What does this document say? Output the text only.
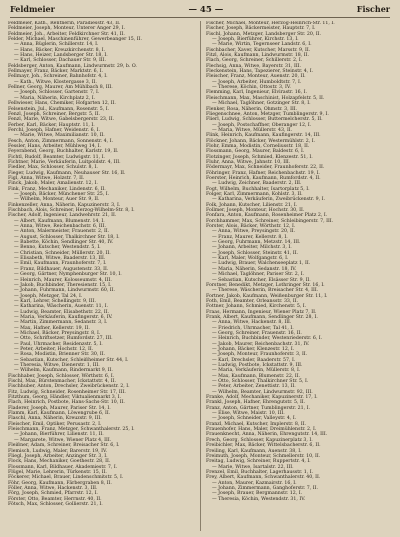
Feldmeier	— 45 —	Fischer
Feldmeier, Kath., Rentnerin, Paradiesstr. 43, II.
Feldmeier, Joseph, Monteur, Unterer Anger 29, I.
Feldmeier, Joh., Arbeiter, Feldkirchner Str. 41, II.
Felder, Michael, Maschinenführer, Gewerbeanger 15, II.
— Anna, Büglerin, Schillerstr. 14, I.
— Hans, Bäcker, Kreuzkirchenstr. 8, I.
— Hans, Heizer, Landsberger Str. 18, I.
— Karl, Schlosser, Dachauer Str. 9, III.
Feldsberger, Anton, Kaufmann, Lindwurmstr. 29, b. O.
Fellmayer, Franz, Bäcker, Marktstr. 6, I.
Fellmayr, Joh., Schreiner, Bahnhofstr. 4, I.
— Kath., Witwe, Klostergasse 3, II.
Fellner, Georg, Maurer, Am Mühlbach 8, III.
— Joseph, Schlosser, Gartenstr. 7, I.
— Maria, Näherin, Kirchplatz 2, I.
Fellwieser, Hans, Chemiker, Hofgarten 12, II.
Felsenstein, Jul., Kaufmann, Rosenstr. 5, I.
Fenzl, Joseph, Schreiner, Bergstr. 5, II.
Fenzl, Marie, Witwe, Gabelsbergerstr. 23, II.
Ferber, Karl, Bäcker, Hauptstr. 11, I.
Ferchl, Joseph, Hafner, Weidenstr. 6, I.
— Marie, Witwe, Maximilianstr. 10, II.
Fesch, Anton, Zimmermann, Sonnenstr. 4, I.
Fessler, Hans, Arbeiter, Mühlweg 14, I.
Feyerabend, Georg, Buchhalter, Karlstr. 19, II.
Fichtl, Rudolf, Beamter, Ludwigstr. 11, I.
Fichtner, Marie, Verkäuferin, Luitpoldstr. 4, III.
Fiedler, Max, Schlosser, Schulstr. 8, I.
Fieger, Ludwig, Kaufmann, Neuhauser Str. 16, II.
Figl, Anna, Witwe, Holzstr. 7, II.
Finck, Jakob, Maler, Amalienstr. 12, I.
Fink, Franz, Mechaniker, Lindenstr. 6, II.
— Joseph, Bäcker, Münchener Str. 25, I.
— Wilhelm, Monteur, Auer Str. 9, II.
Finkenzeller, Anna, Näherin, Kapuzinerstr. 3, I.
Fischbach, Alois, Schreiner, Herzog-Wilhelm-Str. 8, I.
Fischer, Adolf, Ingenieur, Landwehrstr. 21, II.
— Albert, Kaufmann, Blumenstr. 14, I.
— Anna, Witwe, Reichenbachstr. 6, III.
— Anton, Malermeister, Frauenstr. 2, II.
— August, Schlosser, Thalkirchner Str. 18, I.
— Babette, Köchin, Sendlinger Str. 40, IV.
— Benno, Kutscher, Westendstr. 5, I.
— Christian, Schneider, Müllerstr. 20, II.
— Elisabeth, Witwe, Baaderstr. 13, III.
— Emil, Kaufmann, Fraunhoferstr. 7, I.
— Franz, Bildhauer, Augustenstr. 33, II.
— Georg, Gärtner, Nymphenburger Str. 10, I.
— Heinrich, Maurer, Kolosseumstr. 4, III.
— Jakob, Buchbinder, Theresienstr. 15, I.
— Johann, Fuhrmann, Lindwurmstr. 60, II.
— Joseph, Metzger, Tal 24, I.
— Karl, Lehrer, Schellingstr. 9, III.
— Katharina, Wäscherin, Auenstr. 11, I.
— Ludwig, Beamter, Elisabethstr. 22, II.
— Maria, Verkäuferin, Kaufingerstr. 6, IV.
— Martin, Zimmermann, Sedanstr. 3, I.
— Max, Hafner, Kellerstr. 19, II.
— Michael, Bäcker, Preysingstr. 8, I.
— Otto, Schriftsetzer, Rumfordstr. 27, III.
— Paul, Uhrmacher, Residenzstr. 5, I.
— Peter, Arbeiter, Hochstr. 12, II.
— Rosa, Modistin, Brienner Str. 30, II.
— Sebastian, Kutscher, Schleißheimer Str. 44, I.
— Theresia, Witwe, Dienerstr. 1, III.
— Wilhelm, Kaufmann, Rindermarkt 9, II.
Fischhaber, Joseph, Schlosser, Wörthstr. 6, I.
Fischl, Max, Bürstenmacher, Ickstattstr. 4, II.
Fischhuber, Anton, Drechsler, Zweibrückenstr. 2, I.
Fitz, Ludwig, Schneider, Rosenheimer Str. 17, III.
Fitzthum, Georg, Händler, Viktualienmarkt 3, I.
Flach, Heinrich, Postbote, Hans-Sachs-Str. 10, II.
Fladerer, Joseph, Maurer, Pariser Str. 14, I.
Flamm, Karl, Kaufmann, Löwengrube 6, II.
Flaschl, Anna, Näherin, Kreuzstr. 9, III.
Fleischer, Emil, Optiker, Perusastr. 2, I.
Fleischmann, Franz, Metzger, Schwanthalerstr. 25, I.
— Johann, Bierführer, Lilienstr. 11, II.
— Margarete, Witwe, Wiener Platz 4, III.
Fleißner, Adam, Schreiner, Breisacher Str. 6, I.
Flemisch, Ludwig, Maler, Barerstr. 19, IV.
Fliegl, Joseph, Arbeiter, Anzinger Str. 3, I.
Flock, Hans, Mechaniker, Goethestr. 28, II.
Flossmann, Karl, Bildhauer, Akademiestr. 7, I.
Flügel, Marie, Lehrerin, Türkenstr. 15, II.
Föckerer, Michael, Brauer, Lindenschmitstr. 5, I.
Föhr, Georg, Kaufmann, Färbergraben 8, II.
Föller, Anna, Witwe, Hackenstr. 3, III.
Förg, Joseph, Schmied, Pfarrstr. 12, I.
Förster, Otto, Beamter, Herrnstr. 40, II.
Fötsch, Max, Schlosser, Gollierstr. 21, I.
Fischer, Michael, Monteur, Herzog-Heinrich-Str. 11, I.
Fischer, Joseph, Bäckermeister, Hauptstr. 7, I.
Fischl, Johann, Metzger, Landsberger Str. 20, II.
— Joseph, Bierführer, Kirchstr. 13, I.
— Marie, Wirtin, Tegernseer Landstr. 6, I.
Fischbacher, Xaver, Kutscher, Marsstr. 9, II.
Fitzl, Alois, Kaufmann, Lindwurmstr. 18, II.
Flach, Georg, Schreiner, Schillerstr. 2, I.
Flechsig, Anna, Witwe, Bayerstr. 31, III.
Fleckenstein, Hans, Tapezierer, Steinstr. 4, I.
Fleischer, Franz, Monteur, Auenstr. 20, II.
— Joseph, Arbeiter, Humboldtstr. 7, I.
— Therese, Köchin, Ottostr. 3, IV.
Flemming, Karl, Ingenieur, Elvirastr. 16, I.
Fleischmann, Max, Maschinist, Holzapfelstr. 5, II.
— Michael, Taglöhner, Gotzinger Str. 8, I.
Flenker, Rosa, Näherin, Ohmstr. 3, III.
Fliegenschnee, Anton, Metzger, Tumblingerstr. 9, I.
Flierl, Ludwig, Schlosser, Buttermelcherstr. 5, II.
— Joseph, Postschaffner, Oberanger 12, I.
— Maria, Witwe, Müllerstr. 43, II.
Flink, Heinrich, Kaufmann, Kaufingerstr. 14, III.
Flöckner, Johann, Bäcker, Westermühlstr. 2, I.
Flohr, Emma, Modistin, Corneliusstr. 18, II.
Flossmann, Georg, Maurer, Baldestr. 6, I.
Flotzinger, Joseph, Schmied, Klenzestr. 51, I.
Fluhr, Anna, Witwe, Jahnstr. 10, III.
Födermayr, Max, Schneider, Fraunhoferstr. 22, II.
Föhringer, Franz, Hafner, Reichenbachstr. 19, I.
Foerster, Heinrich, Kaufmann, Rumfordstr. 4, II.
— Ludwig, Zeichner, Baaderstr. 2, III.
Fogt, Wilhelm, Buchhalter, Isartorplatz 5, I.
Folger, Karl, Zimmermann, Kohlstr. 3, II.
— Katharina, Verkäuferin, Zweibrückenstr. 9, I.
Folk, Johann, Kutscher, Lilienstr. 21, I.
Follmer, Joseph, Monteur, Hochstr. 30, II.
Fonfara, Anton, Kaufmann, Rosenheimer Platz 2, I.
Forchhammer, Max, Schreiner, Schleibingerstr. 7, III.
Forster, Alois, Bäcker, Wörthstr. 12, I.
— Anna, Witwe, Preysingstr. 20, II.
— Franz, Maurer, Kellerstr. 8, I.
— Georg, Fuhrmann, Metzstr. 14, III.
— Johann, Arbeiter, Milchstr. 3, I.
— Joseph, Schlosser, Steinstr. 41, II.
— Karl, Maler, Wolfgangstr. 6, I.
— Ludwig, Brauer, Walchenseeplatz 1, II.
— Maria, Näherin, Sedanstr. 18, IV.
— Michael, Taglöhner, Pariser Str. 2, I.
— Sebastian, Kutscher, Elsässer Str. 9, II.
Forstner, Benedikt, Metzger, Lothringer Str. 16, I.
— Therese, Wäscherin, Breisacher Str. 4, III.
Fortner, Jakob, Kaufmann, Weißenburger Str. 11, I.
Foth, Emil, Beamter, Orleansstr. 33, II.
Fottner, Johann, Schmied, Kirchenstr. 5, I.
Fraas, Hermann, Ingenieur, Wiener Platz 7, II.
Frank, Albert, Kaufmann, Sendlinger Str. 28, I.
— Anna, Witwe, Hackenstr. 8, III.
— Friedrich, Uhrmacher, Tal 41, I.
— Georg, Schreiner, Frauenstr. 16, II.
— Heinrich, Buchbinder, Westenriederstr. 6, I.
— Jakob, Maurer, Reichenbachstr. 31, IV.
— Johann, Bäcker, Klenzestr. 12, I.
— Joseph, Monteur, Fraunhoferstr. 3, II.
— Karl, Drechsler, Baaderstr. 57, I.
— Ludwig, Postbote, Ickstattstr. 9, III.
— Maria, Verkäuferin, Müllerstr. 8, I.
— Max, Kaufmann, Blumenstr. 22, II.
— Otto, Schlosser, Thalkirchner Str. 5, I.
— Peter, Arbeiter, Zenettistr. 13, II.
— Wilhelm, Beamter, Lindwurmstr. 92, III.
Franke, Adolf, Mechaniker, Kapuzinerstr. 17, I.
Frankl, Joseph, Hafner, Ehrengutstr. 5, II.
Franz, Anton, Gärtner, Tumblingerstr. 21, I.
— Elise, Witwe, Maistr. 10, III.
— Joseph, Schneider, Valleystr. 4, I.
Franzl, Michael, Kutscher, Implerstr. 8, II.
Frauenhofer, Hans, Maler, Dreimühlenstr. 2, I.
Frauenknecht, Anna, Näherin, Ehrengutstr. 14, III.
Frech, Georg, Schlosser, Kapuzinerplatz 3, I.
Freibichler, Max, Bäcker, Wittelsbacherstr. 6, II.
Freiling, Karl, Kaufmann, Auenstr. 38, I.
Freimuth, Joseph, Monteur, Schmellerstr. 10, II.
Freitag, Ludwig, Schreiner, Ruppertstr. 4, I.
— Marie, Witwe, Isartalstr. 22, III.
Frenzel, Emil, Buchhalter, Lagerhausstr. 1, I.
Frey, Albert, Kaufmann, Schwanthalerstr. 40, II.
— Anton, Maurer, Kazmairstr. 16, I.
— Johann, Zimmermann, Ganghoferstr. 7, II.
— Joseph, Brauer, Bergmannstr. 12, I.
— Theresia, Köchin, Westendstr. 31, IV.
